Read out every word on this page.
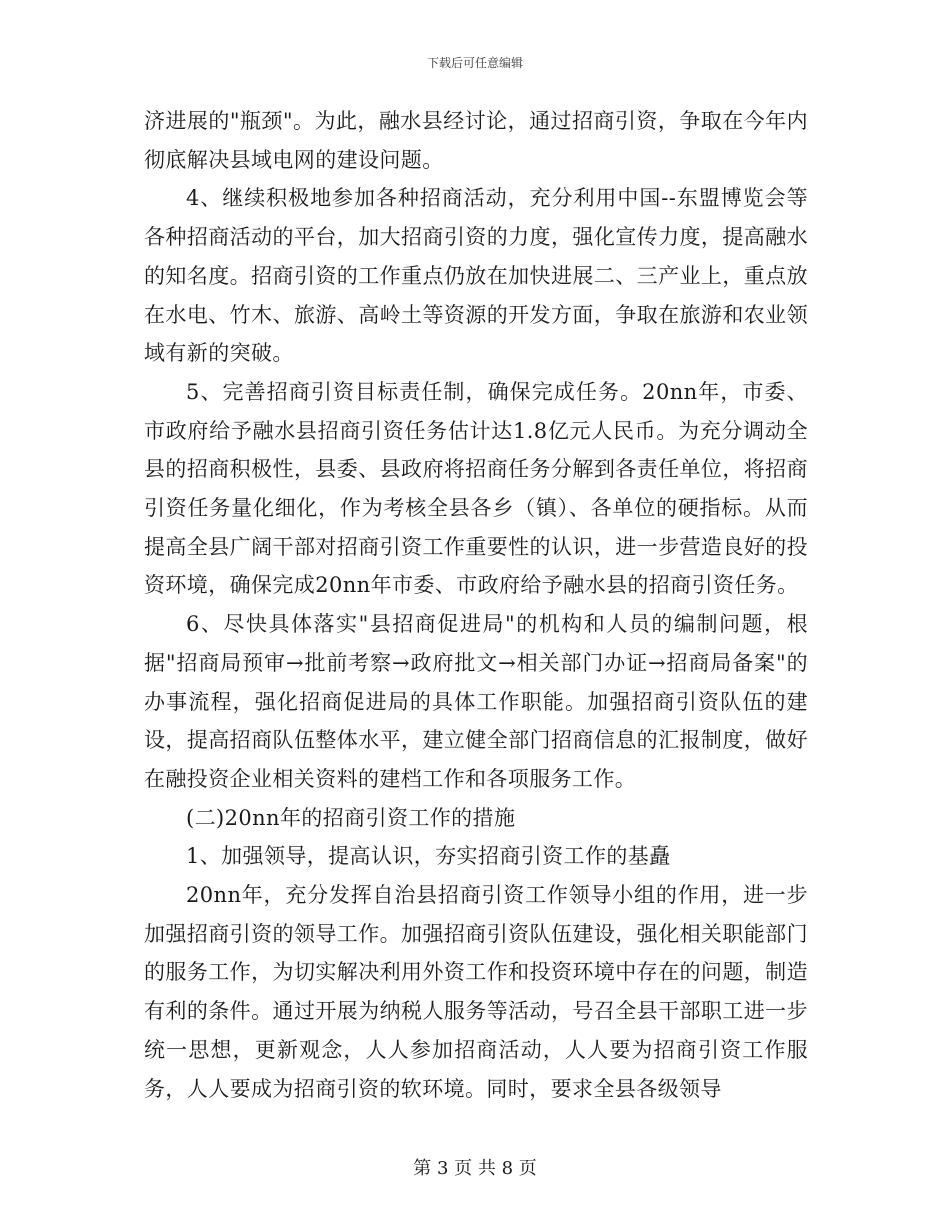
下载后可任意编辑

济进展的"瓶颈"。为此，融水县经讨论，通过招商引资，争取在今年内彻底解决县域电网的建设问题。

4、继续积极地参加各种招商活动，充分利用中国--东盟博览会等各种招商活动的平台，加大招商引资的力度，强化宣传力度，提高融水的知名度。招商引资的工作重点仍放在加快进展二、三产业上，重点放在水电、竹木、旅游、高岭土等资源的开发方面，争取在旅游和农业领域有新的突破。

5、完善招商引资目标责任制，确保完成任务。20nn年，市委、市政府给予融水县招商引资任务估计达1.8亿元人民币。为充分调动全县的招商积极性，县委、县政府将招商任务分解到各责任单位，将招商引资任务量化细化，作为考核全县各乡（镇）、各单位的硬指标。从而提高全县广阔干部对招商引资工作重要性的认识，进一步营造良好的投资环境，确保完成20nn年市委、市政府给予融水县的招商引资任务。

6、尽快具体落实"县招商促进局"的机构和人员的编制问题，根据"招商局预审→批前考察→政府批文→相关部门办证→招商局备案"的办事流程，强化招商促进局的具体工作职能。加强招商引资队伍的建设，提高招商队伍整体水平，建立健全部门招商信息的汇报制度，做好在融投资企业相关资料的建档工作和各项服务工作。

(二)20nn年的招商引资工作的措施

1、加强领导，提高认识，夯实招商引资工作的基矗

20nn年，充分发挥自治县招商引资工作领导小组的作用，进一步加强招商引资的领导工作。加强招商引资队伍建设，强化相关职能部门的服务工作，为切实解决利用外资工作和投资环境中存在的问题，制造有利的条件。通过开展为纳税人服务等活动，号召全县干部职工进一步统一思想，更新观念，人人参加招商活动，人人要为招商引资工作服务，人人要成为招商引资的软环境。同时，要求全县各级领导

第 3 页 共 8 页
